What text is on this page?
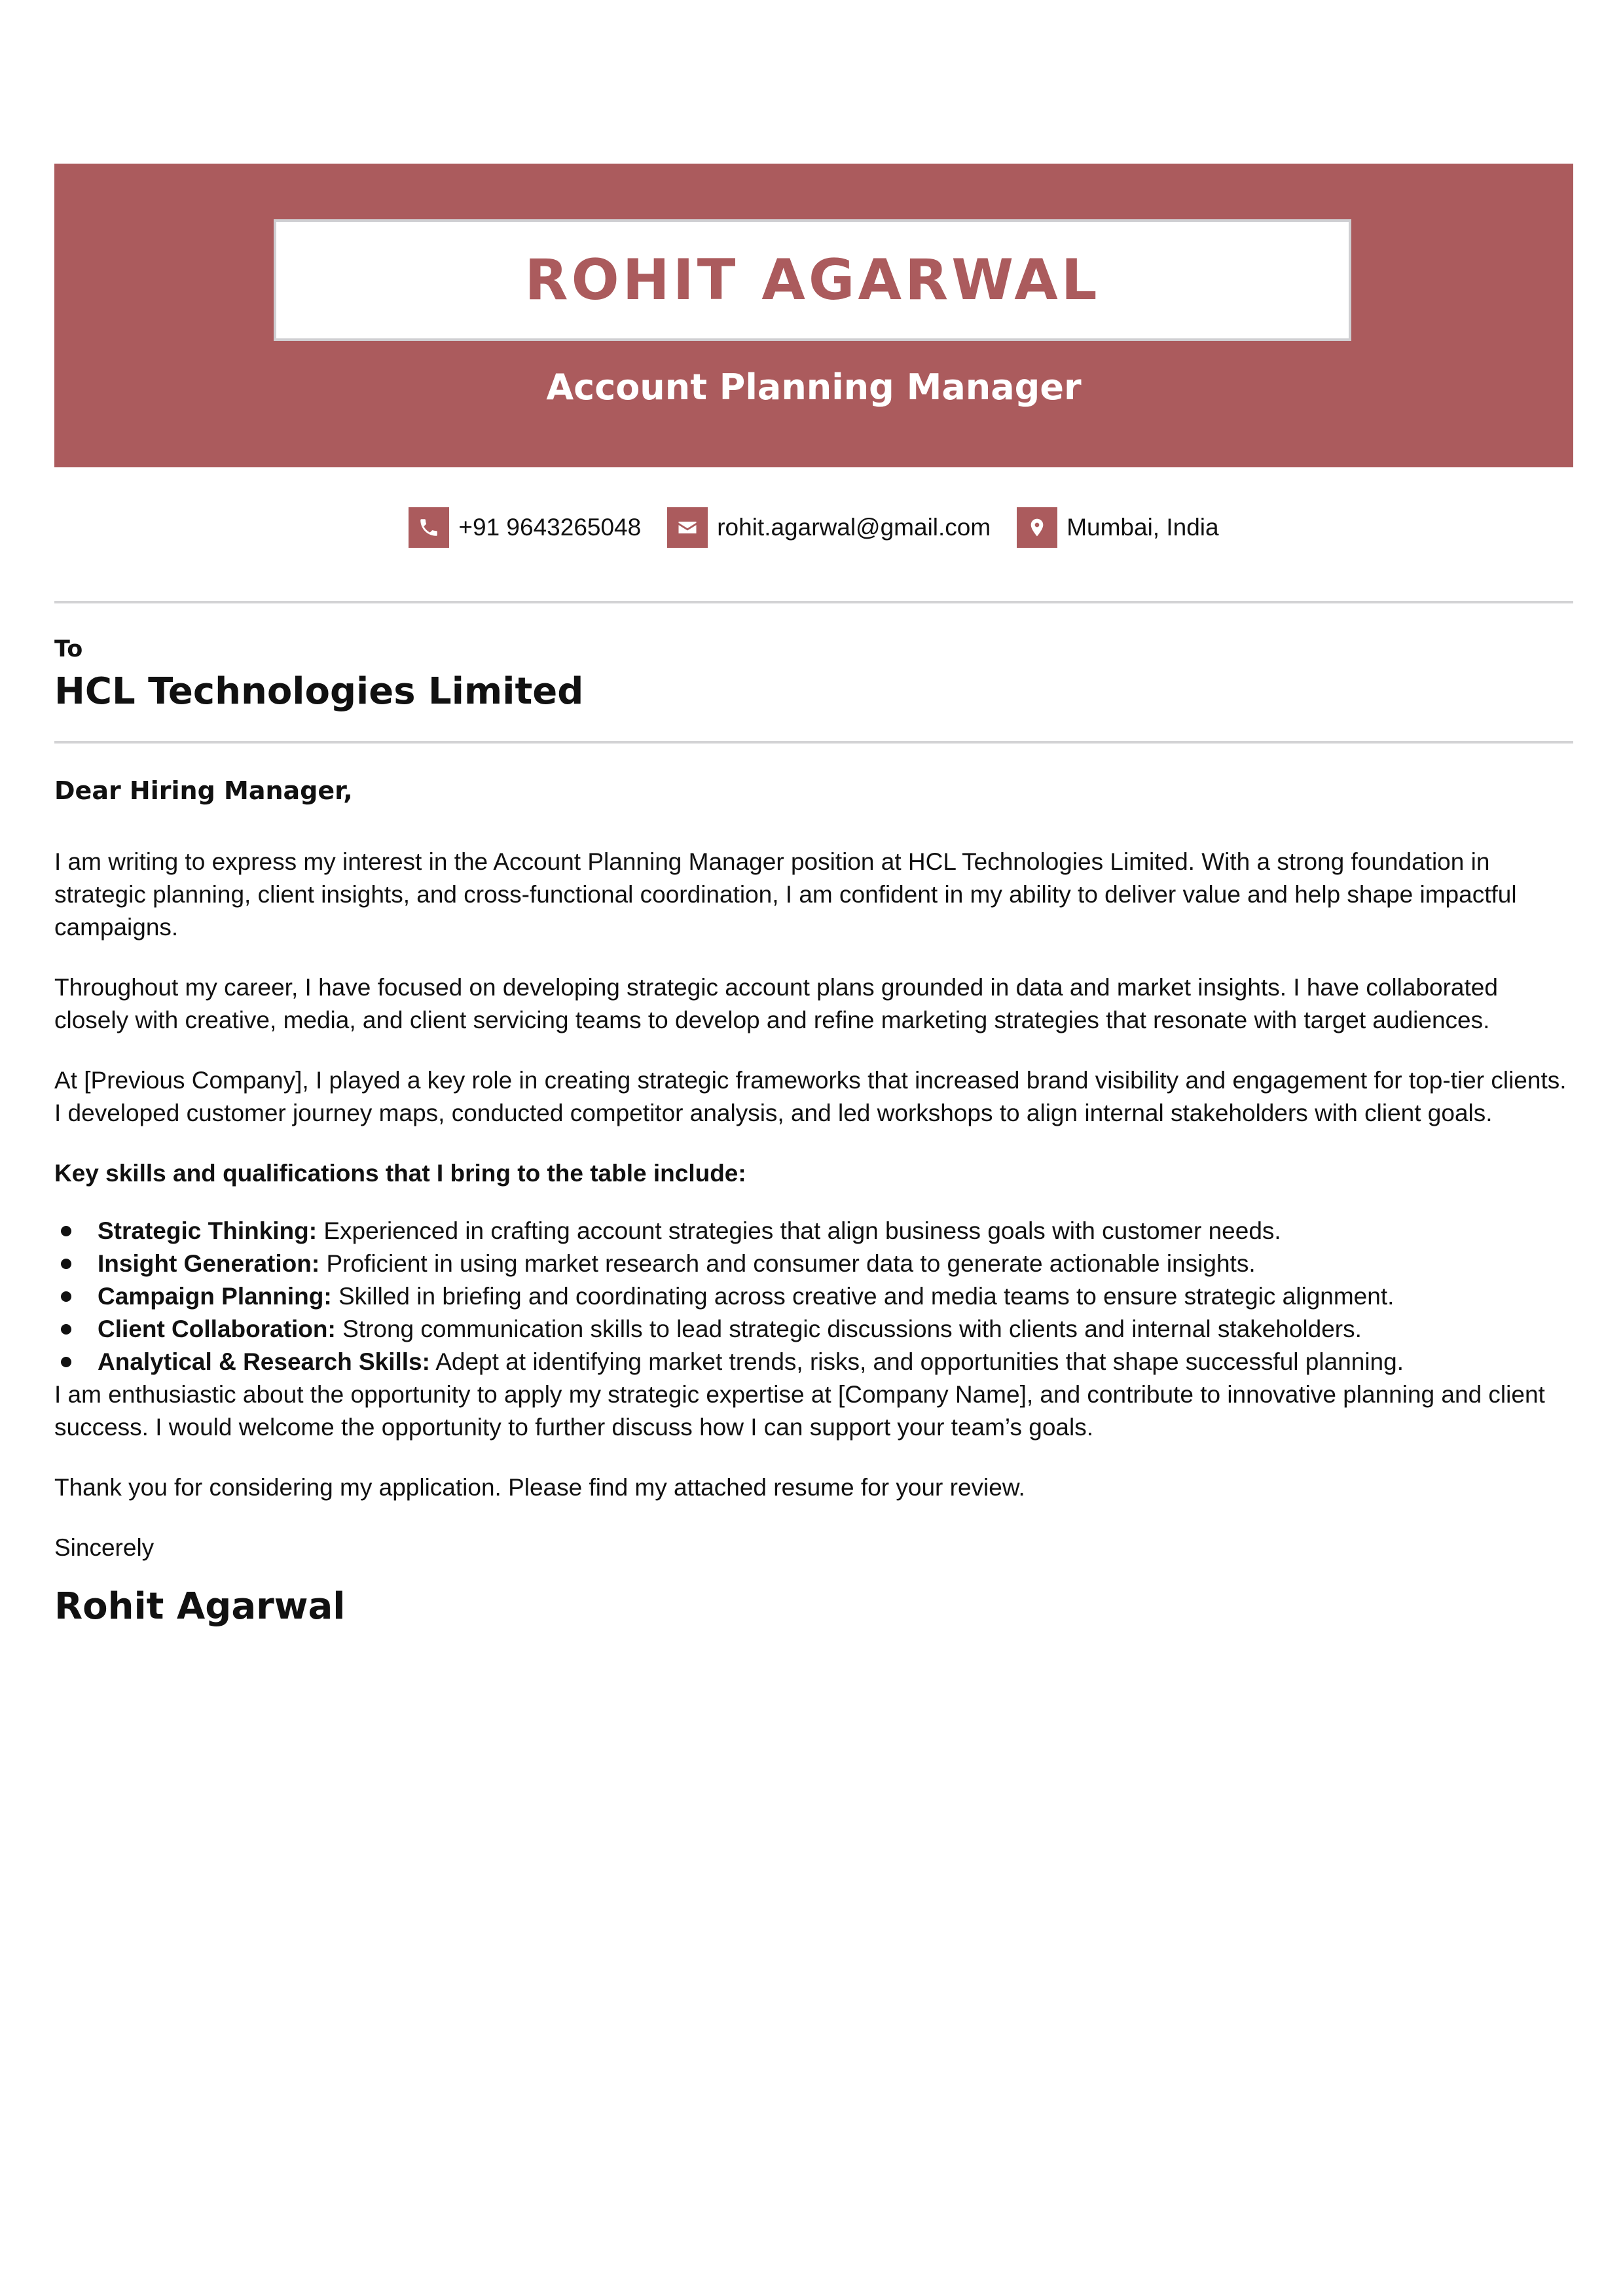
ROHIT AGARWAL
Account Planning Manager
+91 9643265048	rohit.agarwal@gmail.com	Mumbai, India
To
HCL Technologies Limited
Dear Hiring Manager,

I am writing to express my interest in the Account Planning Manager position at HCL Technologies Limited. With a strong foundation in strategic planning, client insights, and cross-functional coordination, I am confident in my ability to deliver value and help shape impactful campaigns.

Throughout my career, I have focused on developing strategic account plans grounded in data and market insights. I have collaborated closely with creative, media, and client servicing teams to develop and refine marketing strategies that resonate with target audiences.

At [Previous Company], I played a key role in creating strategic frameworks that increased brand visibility and engagement for top-tier clients. I developed customer journey maps, conducted competitor analysis, and led workshops to align internal stakeholders with client goals.

Key skills and qualifications that I bring to the table include:
Strategic Thinking: Experienced in crafting account strategies that align business goals with customer needs.
Insight Generation: Proficient in using market research and consumer data to generate actionable insights.
Campaign Planning: Skilled in briefing and coordinating across creative and media teams to ensure strategic alignment.
Client Collaboration: Strong communication skills to lead strategic discussions with clients and internal stakeholders.
Analytical & Research Skills: Adept at identifying market trends, risks, and opportunities that shape successful planning.

I am enthusiastic about the opportunity to apply my strategic expertise at [Company Name], and contribute to innovative planning and client success. I would welcome the opportunity to further discuss how I can support your team’s goals.

Thank you for considering my application. Please find my attached resume for your review.

Sincerely
Rohit Agarwal
